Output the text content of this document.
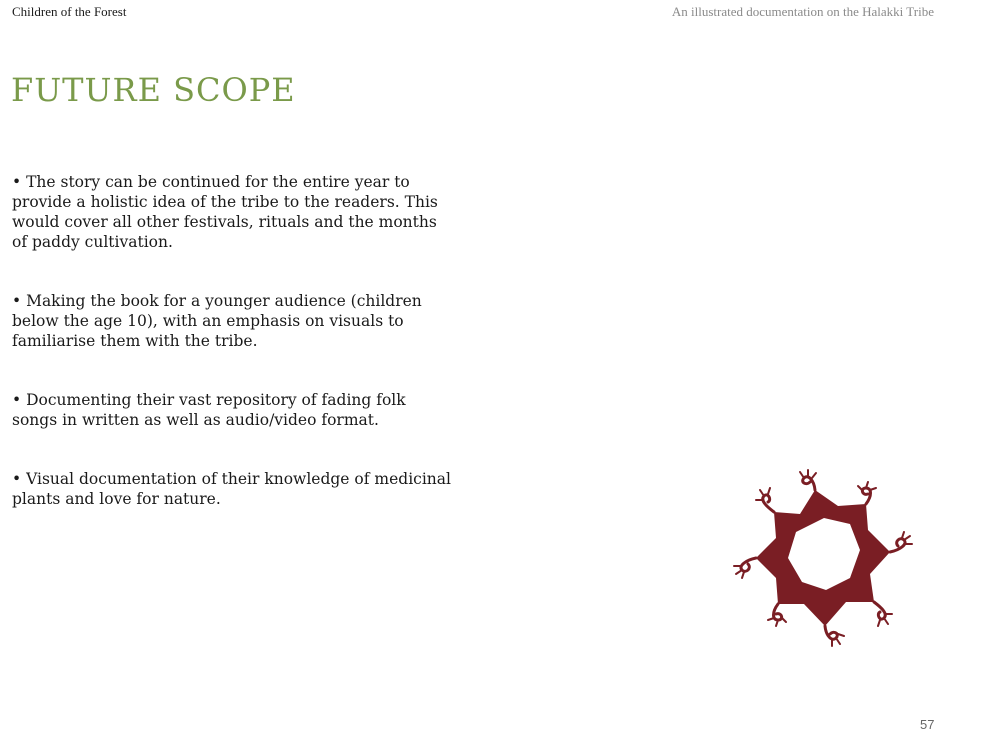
Children of the Forest	An illustrated documentation on the Halakki Tribe
FUTURE SCOPE
• The story can be continued for the entire year to provide a holistic idea of the tribe to the readers. This would cover all other festivals, rituals and the months of paddy cultivation.
• Making the book for a younger audience (children below the age 10), with an emphasis on visuals to familiarise them with the tribe.
• Documenting their vast repository of fading folk songs in written as well as audio/video format.
• Visual documentation of their knowledge of medicinal plants and love for nature.
57
